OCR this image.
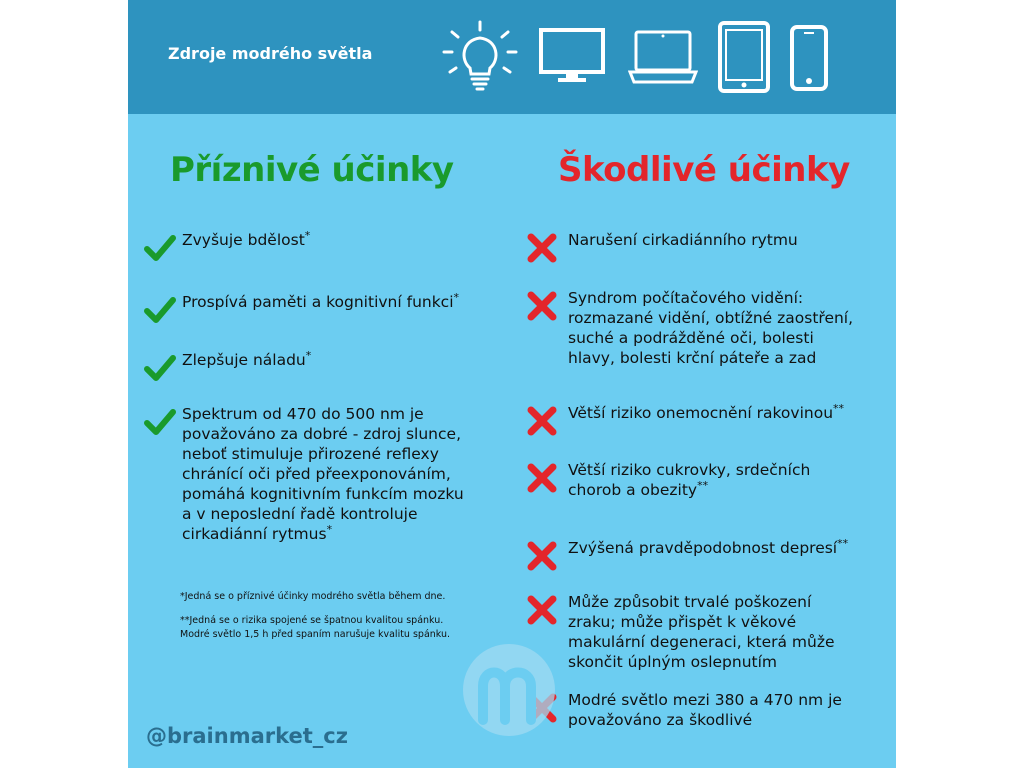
Zdroje modrého světla
Příznivé účinky	Škodlivé účinky
Zvyšuje bdělost*
Prospívá paměti a kognitivní funkci*
Zlepšuje náladu*
Spektrum od 470 do 500 nm je
považováno za dobré - zdroj slunce,
neboť stimuluje přirozené reflexy
chránící oči před přeexponováním,
pomáhá kognitivním funkcím mozku
a v neposlední řadě kontroluje
cirkadiánní rytmus*
Narušení cirkadiánního rytmu
Syndrom počítačového vidění:
rozmazané vidění, obtížné zaostření,
suché a podrážděné oči, bolesti
hlavy, bolesti krční páteře a zad
Větší riziko onemocnění rakovinou**
Větší riziko cukrovky, srdečních
chorob a obezity**
Zvýšená pravděpodobnost depresí**
Může způsobit trvalé poškození
zraku; může přispět k věkové
makulární degeneraci, která může
skončit úplným oslepnutím
Modré světlo mezi 380 a 470 nm je
považováno za škodlivé
*Jedná se o příznivé účinky modrého světla během dne.
**Jedná se o rizika spojené se špatnou kvalitou spánku.
Modré světlo 1,5 h před spaním narušuje kvalitu spánku.
@brainmarket_cz
